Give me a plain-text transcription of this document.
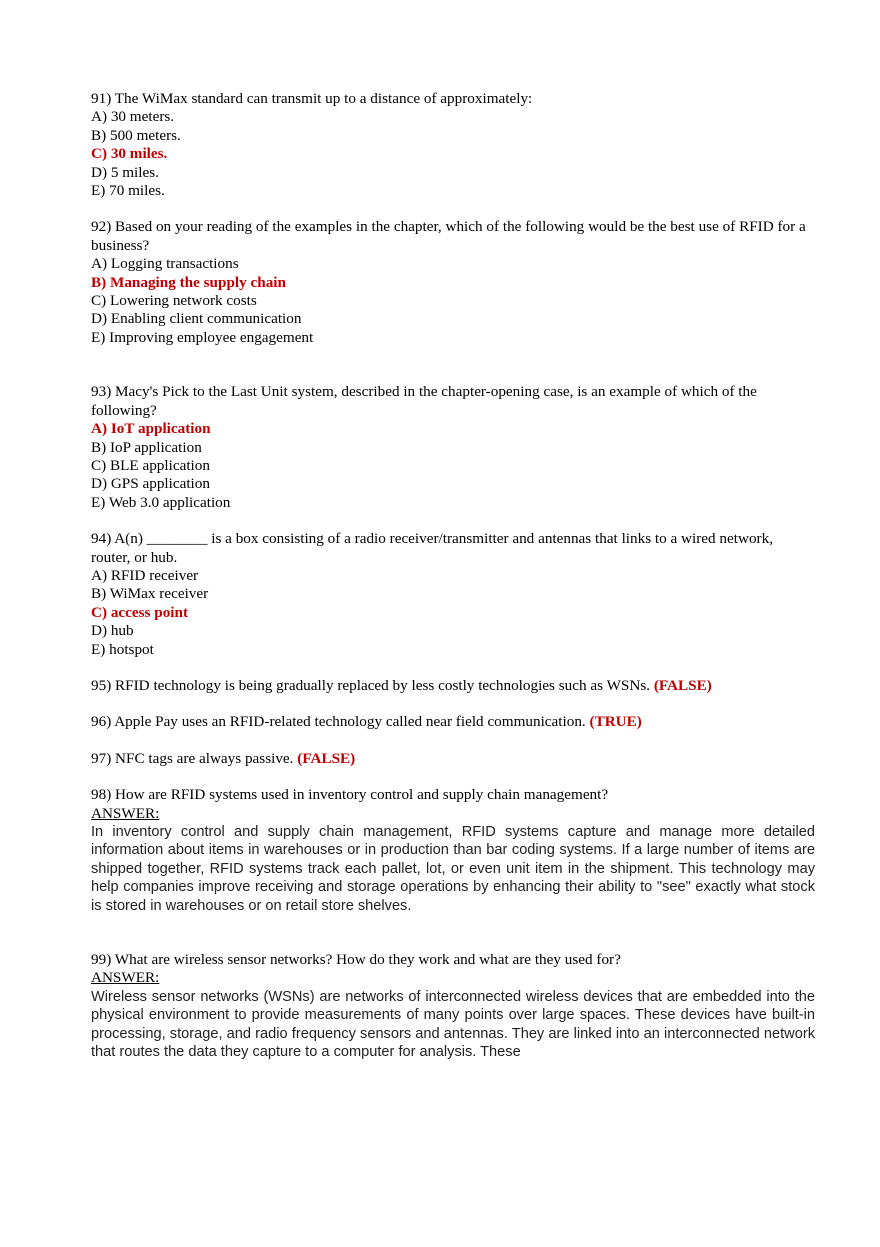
91) The WiMax standard can transmit up to a distance of approximately:
A) 30 meters.
B) 500 meters.
C) 30 miles.
D) 5 miles.
E) 70 miles.
92) Based on your reading of the examples in the chapter, which of the following would be the best use of RFID for a business?
A) Logging transactions
B) Managing the supply chain
C) Lowering network costs
D) Enabling client communication
E) Improving employee engagement
93) Macy's Pick to the Last Unit system, described in the chapter-opening case, is an example of which of the following?
A) IoT application
B) IoP application
C) BLE application
D) GPS application
E) Web 3.0 application
94) A(n) ________ is a box consisting of a radio receiver/transmitter and antennas that links to a wired network, router, or hub.
A) RFID receiver
B) WiMax receiver
C) access point
D) hub
E) hotspot
95) RFID technology is being gradually replaced by less costly technologies such as WSNs. (FALSE)
96) Apple Pay uses an RFID-related technology called near field communication. (TRUE)
97) NFC tags are always passive. (FALSE)
98) How are RFID systems used in inventory control and supply chain management?
ANSWER:

In inventory control and supply chain management, RFID systems capture and manage more detailed information about items in warehouses or in production than bar coding systems. If a large number of items are shipped together, RFID systems track each pallet, lot, or even unit item in the shipment. This technology may help companies improve receiving and storage operations by enhancing their ability to "see" exactly what stock is stored in warehouses or on retail store shelves.

99) What are wireless sensor networks? How do they work and what are they used for?
ANSWER:

Wireless sensor networks (WSNs) are networks of interconnected wireless devices that are embedded into the physical environment to provide measurements of many points over large spaces. These devices have built-in processing, storage, and radio frequency sensors and antennas. They are linked into an interconnected network that routes the data they capture to a computer for analysis. These
